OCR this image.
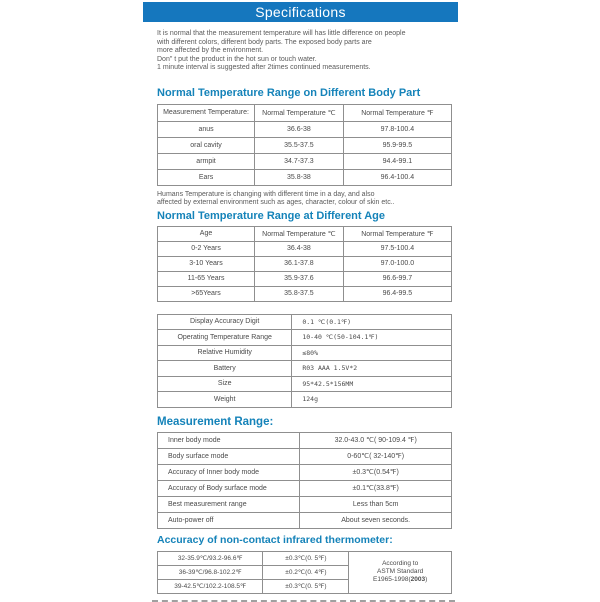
Specifications
It is normal that the measurement temperature will has little difference on people
with different colors, different body parts. The exposed body parts are
more affected by the environment.
Don" t put the product in the hot sun or touch water.
1 minute interval is suggested after 2times continued measurements.
Normal Temperature Range on Different Body Part
Measurement Temperature:	Normal Temperature ℃	Normal Temperature ℉
anus	36.6-38	97.8-100.4
oral cavity	35.5-37.5	95.9-99.5
armpit	34.7-37.3	94.4-99.1
Ears	35.8-38	96.4-100.4
Humans Temperature is changing with different time in a day, and also
affected by external environment such as ages, character, colour of skin etc..
Normal Temperature Range at Different Age
Age	Normal Temperature ℃	Normal Temperature ℉
0-2 Years	36.4-38	97.5-100.4
3-10 Years	36.1-37.8	97.0-100.0
11-65 Years	35.9-37.6	96.6-99.7
>65Years	35.8-37.5	96.4-99.5
Display Accuracy Digit	0.1 ℃(0.1℉)
Operating Temperature Range	10-40 ℃(50-104.1℉)
Relative Humidity	≤80%
Battery	R03 AAA 1.5V*2
Size	95*42.5*156MM
Weight	124g
Measurement Range:
Inner body mode	32.0-43.0 ℃( 90-109.4 ℉)
Body surface mode	0-60℃( 32-140℉)
Accuracy of Inner body mode	±0.3℃(0.54℉)
Accuracy of Body surface mode	±0.1℃(33.8℉)
Best measurement range	Less than 5cm
Auto-power off	About seven seconds.
Accuracy of non-contact infrared thermometer:
32-35.9℃/93.2-96.6℉	±0.3℃(0. 5℉)	According to
ASTM Standard
E1965-1998(2003)
36-39℃/96.8-102.2℉	±0.2℃(0. 4℉)	
39-42.5℃/102.2-108.5℉	±0.3℃(0. 5℉)	
